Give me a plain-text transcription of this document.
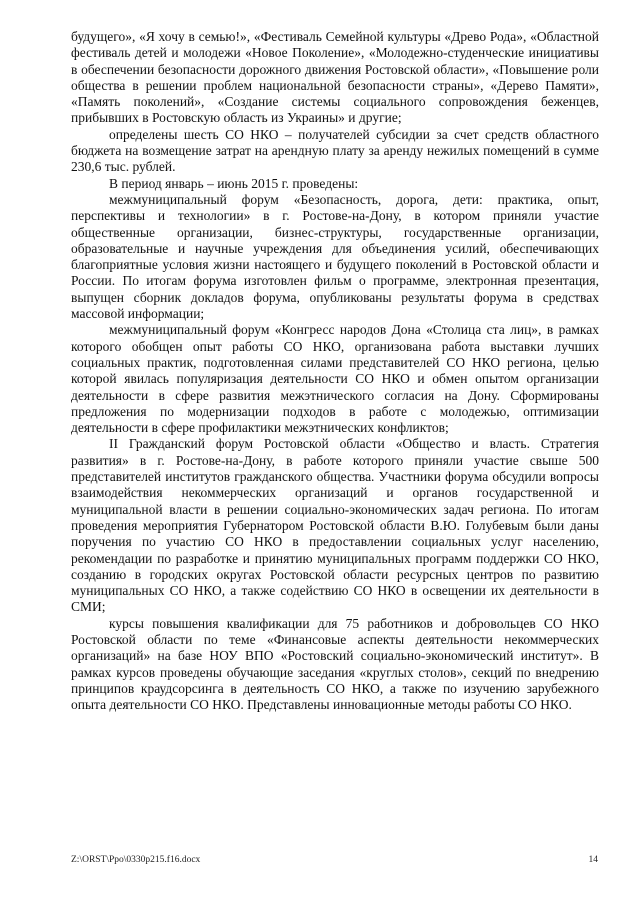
будущего», «Я хочу в семью!», «Фестиваль Семейной культуры «Древо Рода», «Областной фестиваль детей и молодежи «Новое Поколение», «Молодежно-студенческие инициативы в обеспечении безопасности дорожного движения Ростовской области», «Повышение роли общества в решении проблем национальной безопасности страны», «Дерево Памяти», «Память поколений», «Создание системы социального сопровождения беженцев, прибывших в Ростовскую область из Украины» и другие;

определены шесть СО НКО – получателей субсидии за счет средств областного бюджета на возмещение затрат на арендную плату за аренду нежилых помещений в сумме 230,6 тыс. рублей.

В период январь – июнь 2015 г. проведены:

межмуниципальный форум «Безопасность, дорога, дети: практика, опыт, перспективы и технологии» в г. Ростове-на-Дону, в котором приняли участие общественные организации, бизнес-структуры, государственные организации, образовательные и научные учреждения для объединения усилий, обеспечивающих благоприятные условия жизни настоящего и будущего поколений в Ростовской области и России. По итогам форума изготовлен фильм о программе, электронная презентация, выпущен сборник докладов форума, опубликованы результаты форума в средствах массовой информации;

межмуниципальный форум «Конгресс народов Дона «Столица ста лиц», в рамках которого обобщен опыт работы СО НКО, организована работа выставки лучших социальных практик, подготовленная силами представителей СО НКО региона, целью которой явилась популяризация деятельности СО НКО и обмен опытом организации деятельности в сфере развития межэтнического согласия на Дону. Сформированы предложения по модернизации подходов в работе с молодежью, оптимизации деятельности в сфере профилактики межэтнических конфликтов;

II Гражданский форум Ростовской области «Общество и власть. Стратегия развития» в г. Ростове-на-Дону, в работе которого приняли участие свыше 500 представителей институтов гражданского общества. Участники форума обсудили вопросы взаимодействия некоммерческих организаций и органов государственной и муниципальной власти в решении социально-экономических задач региона. По итогам проведения мероприятия Губернатором Ростовской области В.Ю. Голубевым были даны поручения по участию СО НКО в предоставлении социальных услуг населению, рекомендации по разработке и принятию муниципальных программ поддержки СО НКО, созданию в городских округах Ростовской области ресурсных центров по развитию муниципальных СО НКО, а также содействию СО НКО в освещении их деятельности в СМИ;

курсы повышения квалификации для 75 работников и добровольцев СО НКО Ростовской области по теме «Финансовые аспекты деятельности некоммерческих организаций» на базе НОУ ВПО «Ростовский социально-экономический институт». В рамках курсов проведены обучающие заседания «круглых столов», секций по внедрению принципов краудсорсинга в деятельность СО НКО, а также по изучению зарубежного опыта деятельности СО НКО. Представлены инновационные методы работы СО НКО.

Z:\ORST\Ppo\0330p215.f16.docx	14
